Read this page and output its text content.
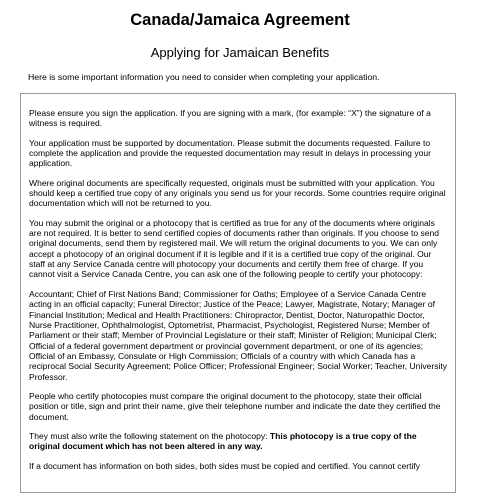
Canada/Jamaica Agreement
Applying for Jamaican Benefits
Here is some important information you need to consider when completing your application.

Please ensure you sign the application. If you are signing with a mark, (for example: “X”) the signature of a witness is required.

Your application must be supported by documentation. Please submit the documents requested. Failure to complete the application and provide the requested documentation may result in delays in processing your application.

Where original documents are specifically requested, originals must be submitted with your application. You should keep a certified true copy of any originals you send us for your records. Some countries require original documentation which will not be returned to you.

You may submit the original or a photocopy that is certified as true for any of the documents where originals are not required. It is better to send certified copies of documents rather than originals. If you choose to send original documents, send them by registered mail. We will return the original documents to you. We can only accept a photocopy of an original document if it is legible and if it is a certified true copy of the original. Our staff at any Service Canada centre will photocopy your documents and certify them free of charge. If you cannot visit a Service Canada Centre, you can ask one of the following people to certify your photocopy:

Accountant; Chief of First Nations Band; Commissioner for Oaths; Employee of a Service Canada Centre acting in an official capacity; Funeral Director; Justice of the Peace; Lawyer, Magistrate, Notary; Manager of Financial Institution; Medical and Health Practitioners: Chiropractor, Dentist, Doctor, Naturopathic Doctor, Nurse Practitioner, Ophthalmologist, Optometrist, Pharmacist, Psychologist, Registered Nurse; Member of Parliament or their staff; Member of Provincial Legislature or their staff; Minister of Religion; Municipal Clerk; Official of a federal government department or provincial government department, or one of its agencies; Official of an Embassy, Consulate or High Commission; Officials of a country with which Canada has a reciprocal Social Security Agreement; Police Officer; Professional Engineer; Social Worker; Teacher, University Professor.

People who certify photocopies must compare the original document to the photocopy, state their official position or title, sign and print their name, give their telephone number and indicate the date they certified the document.

They must also write the following statement on the photocopy: This photocopy is a true copy of the original document which has not been altered in any way.

If a document has information on both sides, both sides must be copied and certified. You cannot certify
